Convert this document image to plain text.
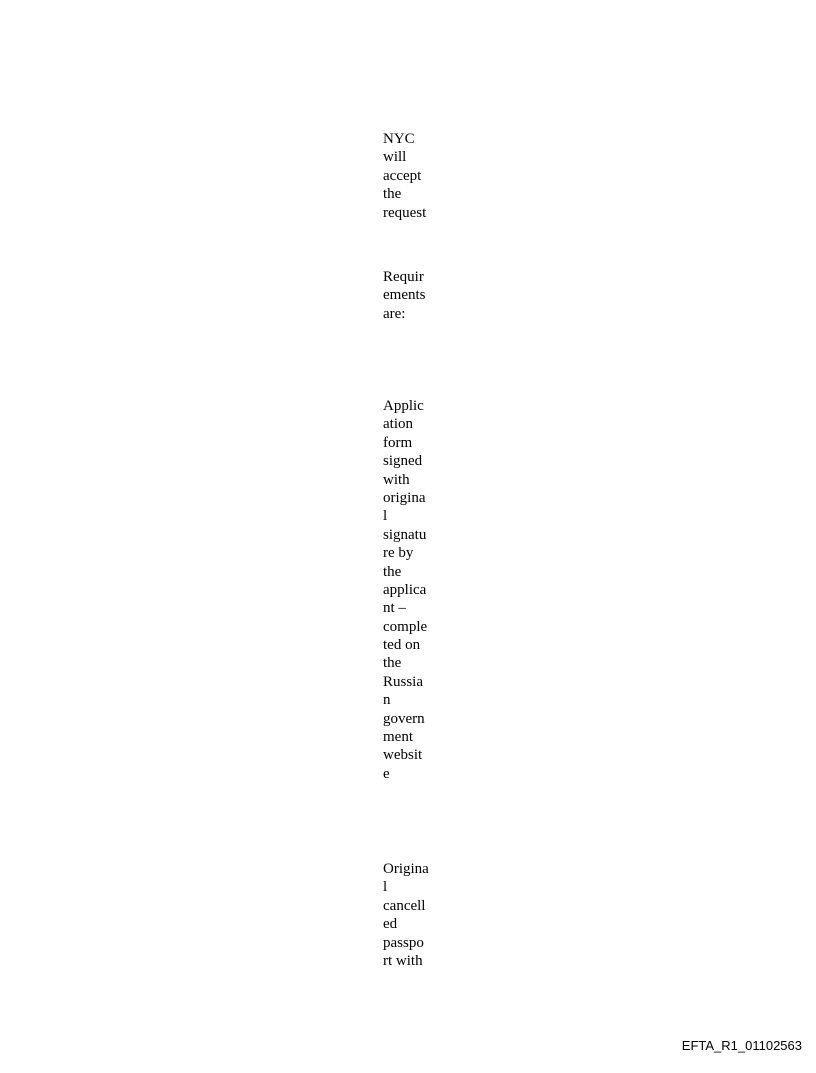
NYC
will
accept
the
request
Requir
ements
are:
Applic
ation
form
signed
with
origina
l
signatu
re by
the
applica
nt –
comple
ted on
the
Russia
n
govern
ment
websit
e
Origina
l
cancell
ed
passpo
rt with
EFTA_R1_01102563
